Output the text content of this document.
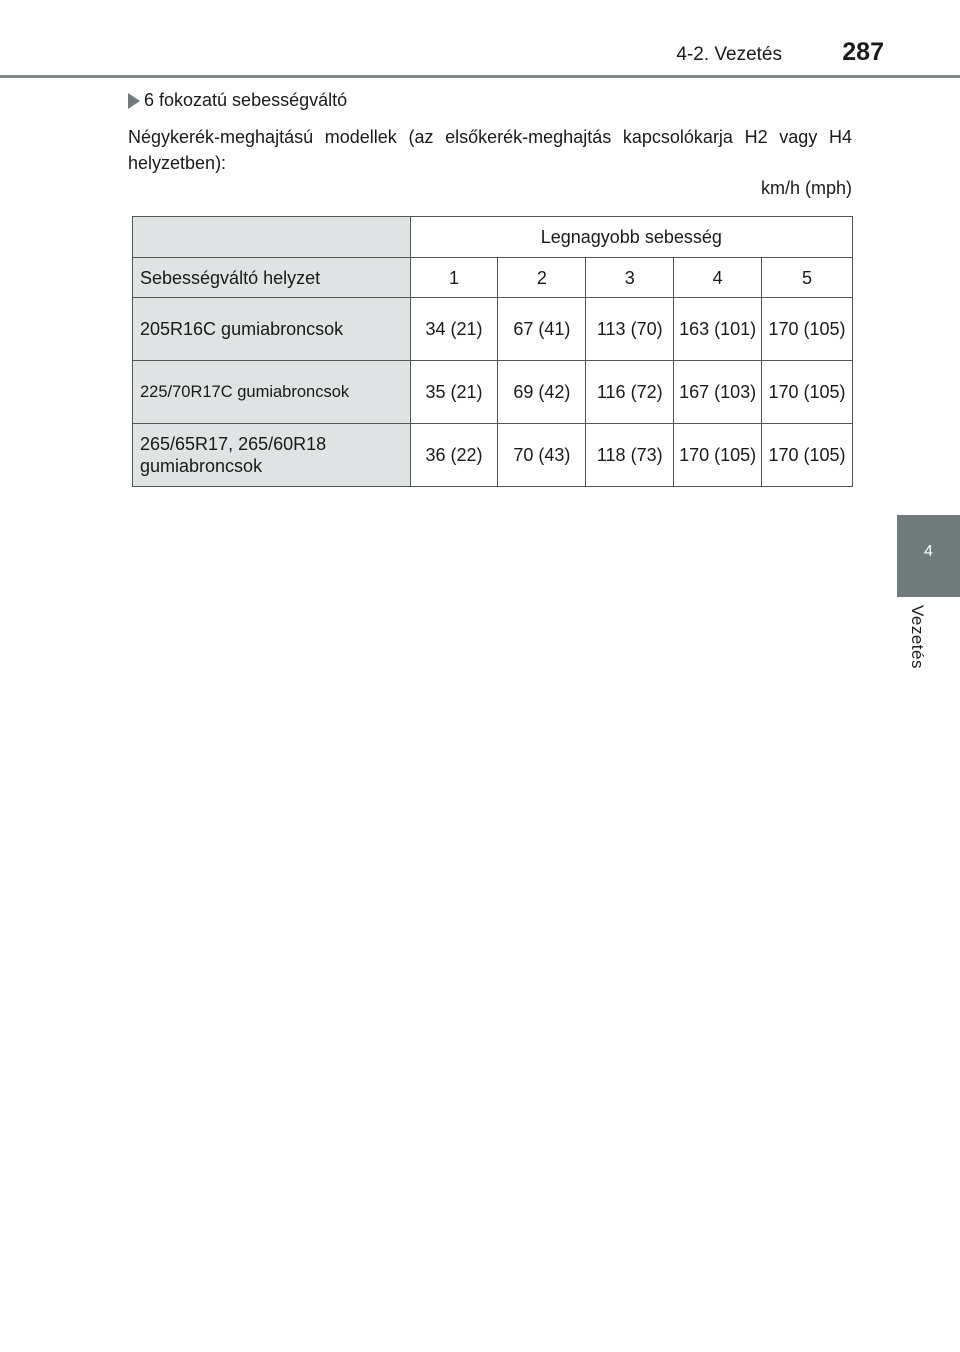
4-2. Vezetés 287
4
Vezetés
6 fokozatú sebességváltó
Négykerék-meghajtású modellek (az elsőkerék-meghajtás kapcsolókarja H2 vagy H4 helyzetben):
km/h (mph)
	Legnagyobb sebesség				
Sebességváltó helyzet	1	2	3	4	5
205R16C gumiabroncsok	34 (21)	67 (41)	113 (70)	163 (101)	170 (105)
225/70R17C gumiabroncsok	35 (21)	69 (42)	116 (72)	167 (103)	170 (105)
265/65R17, 265/60R18 gumiabroncsok	36 (22)	70 (43)	118 (73)	170 (105)	170 (105)
